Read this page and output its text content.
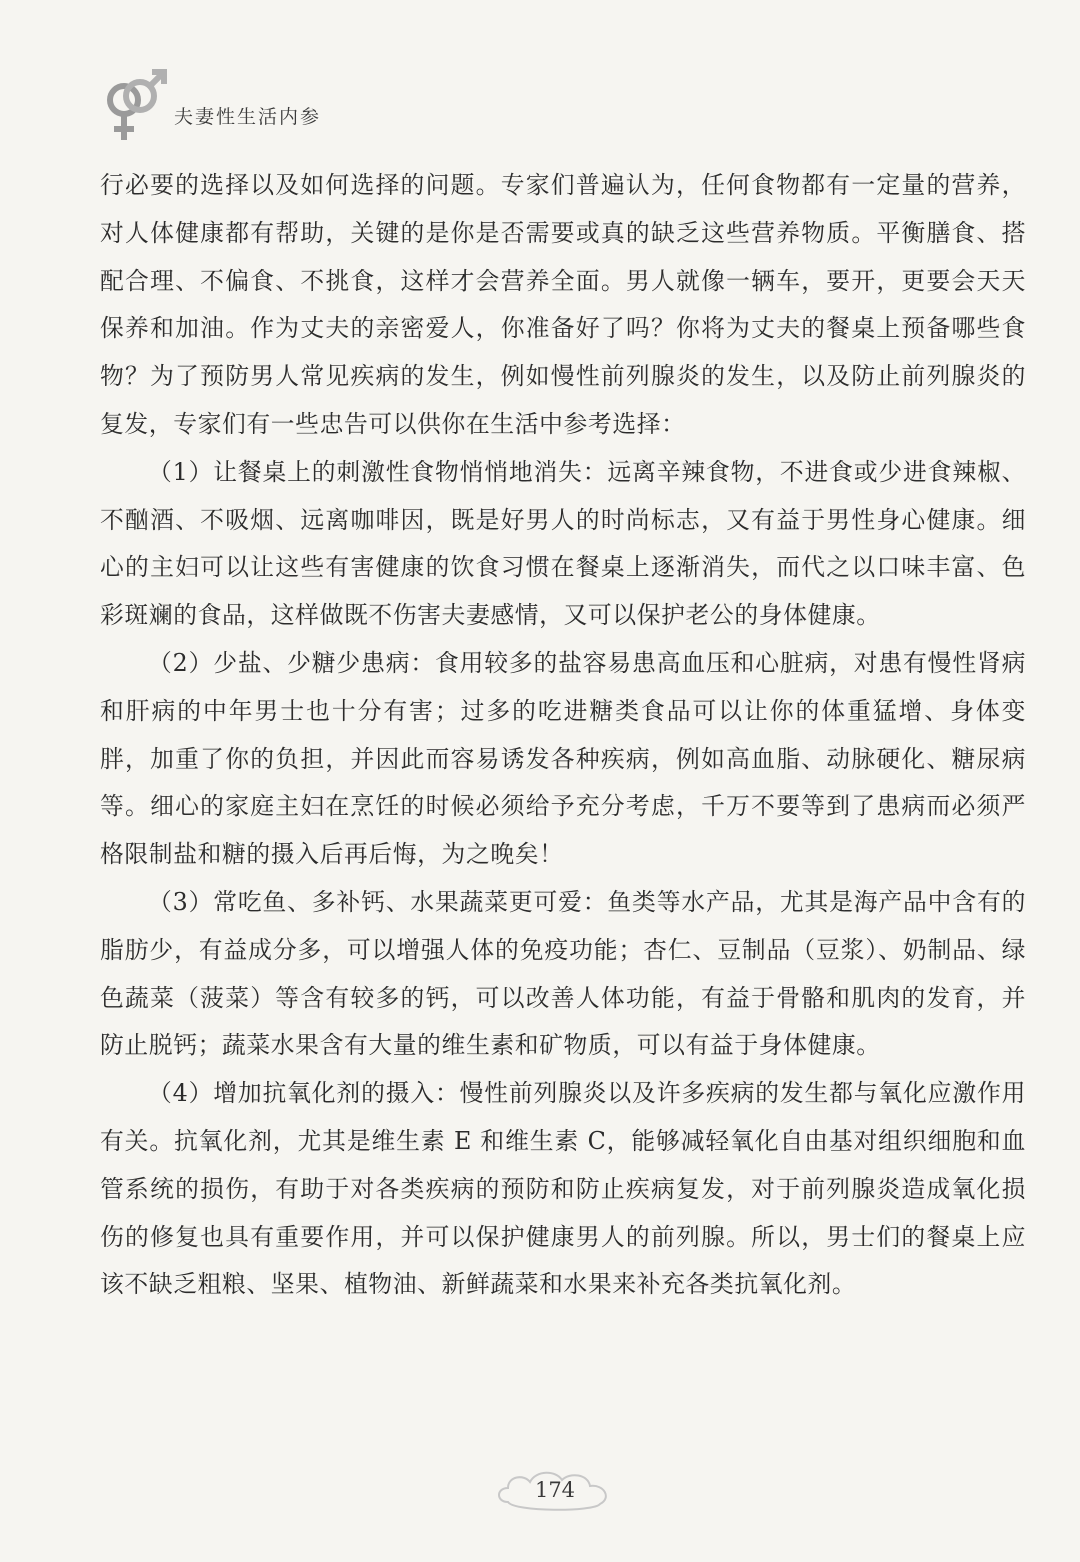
夫妻性生活内参

行必要的选择以及如何选择的问题。专家们普遍认为，任何食物都有一定量的营养，对人体健康都有帮助，关键的是你是否需要或真的缺乏这些营养物质。平衡膳食、搭配合理、不偏食、不挑食，这样才会营养全面。男人就像一辆车，要开，更要会天天保养和加油。作为丈夫的亲密爱人，你准备好了吗？你将为丈夫的餐桌上预备哪些食物？为了预防男人常见疾病的发生，例如慢性前列腺炎的发生，以及防止前列腺炎的复发，专家们有一些忠告可以供你在生活中参考选择：

（1）让餐桌上的刺激性食物悄悄地消失：远离辛辣食物，不进食或少进食辣椒、不酗酒、不吸烟、远离咖啡因，既是好男人的时尚标志，又有益于男性身心健康。细心的主妇可以让这些有害健康的饮食习惯在餐桌上逐渐消失，而代之以口味丰富、色彩斑斓的食品，这样做既不伤害夫妻感情，又可以保护老公的身体健康。

（2）少盐、少糖少患病：食用较多的盐容易患高血压和心脏病，对患有慢性肾病和肝病的中年男士也十分有害；过多的吃进糖类食品可以让你的体重猛增、身体变胖，加重了你的负担，并因此而容易诱发各种疾病，例如高血脂、动脉硬化、糖尿病等。细心的家庭主妇在烹饪的时候必须给予充分考虑，千万不要等到了患病而必须严格限制盐和糖的摄入后再后悔，为之晚矣！

（3）常吃鱼、多补钙、水果蔬菜更可爱：鱼类等水产品，尤其是海产品中含有的脂肪少，有益成分多，可以增强人体的免疫功能；杏仁、豆制品（豆浆）、奶制品、绿色蔬菜（菠菜）等含有较多的钙，可以改善人体功能，有益于骨骼和肌肉的发育，并防止脱钙；蔬菜水果含有大量的维生素和矿物质，可以有益于身体健康。

（4）增加抗氧化剂的摄入：慢性前列腺炎以及许多疾病的发生都与氧化应激作用有关。抗氧化剂，尤其是维生素 E 和维生素 C，能够减轻氧化自由基对组织细胞和血管系统的损伤，有助于对各类疾病的预防和防止疾病复发，对于前列腺炎造成氧化损伤的修复也具有重要作用，并可以保护健康男人的前列腺。所以，男士们的餐桌上应该不缺乏粗粮、坚果、植物油、新鲜蔬菜和水果来补充各类抗氧化剂。

174
